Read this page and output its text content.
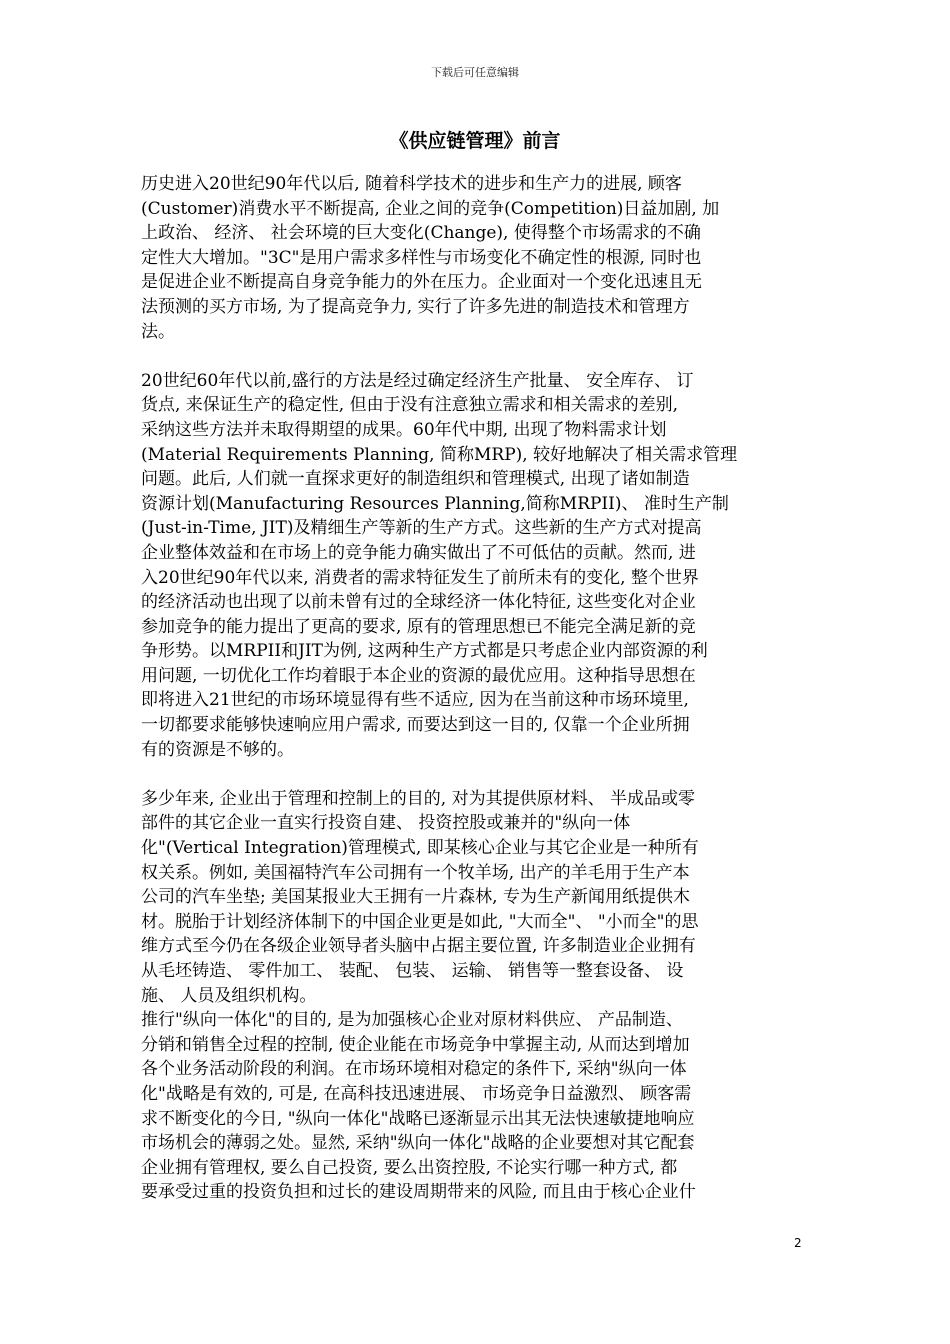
下载后可任意编辑
《供应链管理》前言
历史进入20世纪90年代以后, 随着科学技术的进步和生产力的进展, 顾客
(Customer)消费水平不断提高, 企业之间的竞争(Competition)日益加剧, 加
上政治、 经济、 社会环境的巨大变化(Change), 使得整个市场需求的不确
定性大大增加。"3C"是用户需求多样性与市场变化不确定性的根源, 同时也
是促进企业不断提高自身竞争能力的外在压力。企业面对一个变化迅速且无
法预测的买方市场, 为了提高竞争力, 实行了许多先进的制造技术和管理方
法。
20世纪60年代以前,盛行的方法是经过确定经济生产批量、 安全库存、 订
货点, 来保证生产的稳定性, 但由于没有注意独立需求和相关需求的差别,
采纳这些方法并未取得期望的成果。60年代中期, 出现了物料需求计划
(Material Requirements Planning, 简称MRP), 较好地解决了相关需求管理
问题。此后, 人们就一直探求更好的制造组织和管理模式, 出现了诸如制造
资源计划(Manufacturing Resources Planning,简称MRPII)、 准时生产制
(Just-in-Time, JIT)及精细生产等新的生产方式。这些新的生产方式对提高
企业整体效益和在市场上的竞争能力确实做出了不可低估的贡献。然而, 进
入20世纪90年代以来, 消费者的需求特征发生了前所未有的变化, 整个世界
的经济活动也出现了以前未曾有过的全球经济一体化特征, 这些变化对企业
参加竞争的能力提出了更高的要求, 原有的管理思想已不能完全满足新的竞
争形势。以MRPII和JIT为例, 这两种生产方式都是只考虑企业内部资源的利
用问题, 一切优化工作均着眼于本企业的资源的最优应用。这种指导思想在
即将进入21世纪的市场环境显得有些不适应, 因为在当前这种市场环境里,
一切都要求能够快速响应用户需求, 而要达到这一目的, 仅靠一个企业所拥
有的资源是不够的。
多少年来, 企业出于管理和控制上的目的, 对为其提供原材料、 半成品或零
部件的其它企业一直实行投资自建、 投资控股或兼并的"纵向一体
化"(Vertical Integration)管理模式, 即某核心企业与其它企业是一种所有
权关系。例如, 美国福特汽车公司拥有一个牧羊场, 出产的羊毛用于生产本
公司的汽车坐垫; 美国某报业大王拥有一片森林, 专为生产新闻用纸提供木
材。脱胎于计划经济体制下的中国企业更是如此, "大而全"、 "小而全"的思
维方式至今仍在各级企业领导者头脑中占据主要位置, 许多制造业企业拥有
从毛坯铸造、 零件加工、 装配、 包装、 运输、 销售等一整套设备、 设
施、 人员及组织机构。
推行"纵向一体化"的目的, 是为加强核心企业对原材料供应、 产品制造、
分销和销售全过程的控制, 使企业能在市场竞争中掌握主动, 从而达到增加
各个业务活动阶段的利润。在市场环境相对稳定的条件下, 采纳"纵向一体
化"战略是有效的, 可是, 在高科技迅速进展、 市场竞争日益激烈、 顾客需
求不断变化的今日, "纵向一体化"战略已逐渐显示出其无法快速敏捷地响应
市场机会的薄弱之处。显然, 采纳"纵向一体化"战略的企业要想对其它配套
企业拥有管理权, 要么自己投资, 要么出资控股, 不论实行哪一种方式, 都
要承受过重的投资负担和过长的建设周期带来的风险, 而且由于核心企业什
2
